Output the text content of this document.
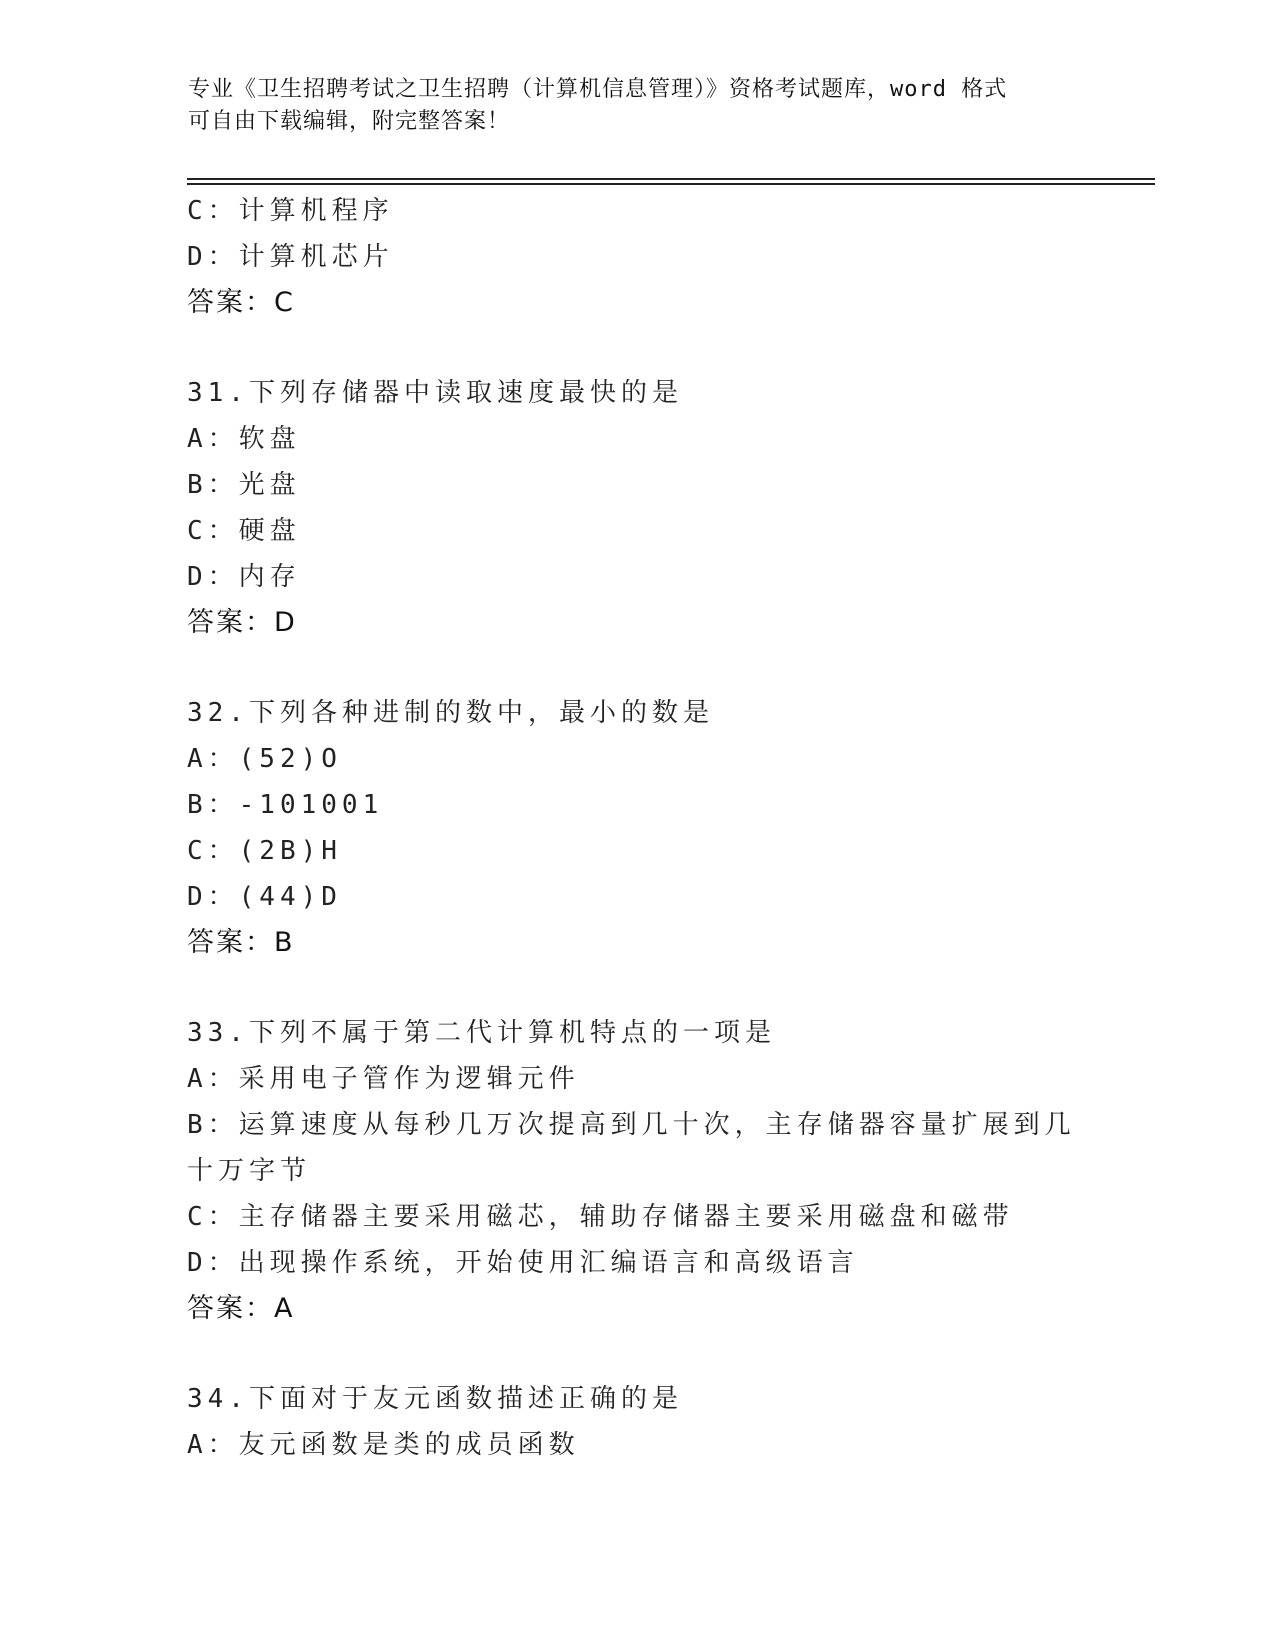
专业《卫生招聘考试之卫生招聘（计算机信息管理）》资格考试题库，word 格式
可自由下载编辑，附完整答案！
C：计算机程序
D：计算机芯片
答案：C
31.下列存储器中读取速度最快的是
A：软盘
B：光盘
C：硬盘
D：内存
答案：D
32.下列各种进制的数中，最小的数是
A：(52)O
B：-101001
C：(2B)H
D：(44)D
答案：B
33.下列不属于第二代计算机特点的一项是
A：采用电子管作为逻辑元件
B：运算速度从每秒几万次提高到几十次，主存储器容量扩展到几十万字节
C：主存储器主要采用磁芯，辅助存储器主要采用磁盘和磁带
D：出现操作系统，开始使用汇编语言和高级语言
答案：A
34.下面对于友元函数描述正确的是
A：友元函数是类的成员函数
